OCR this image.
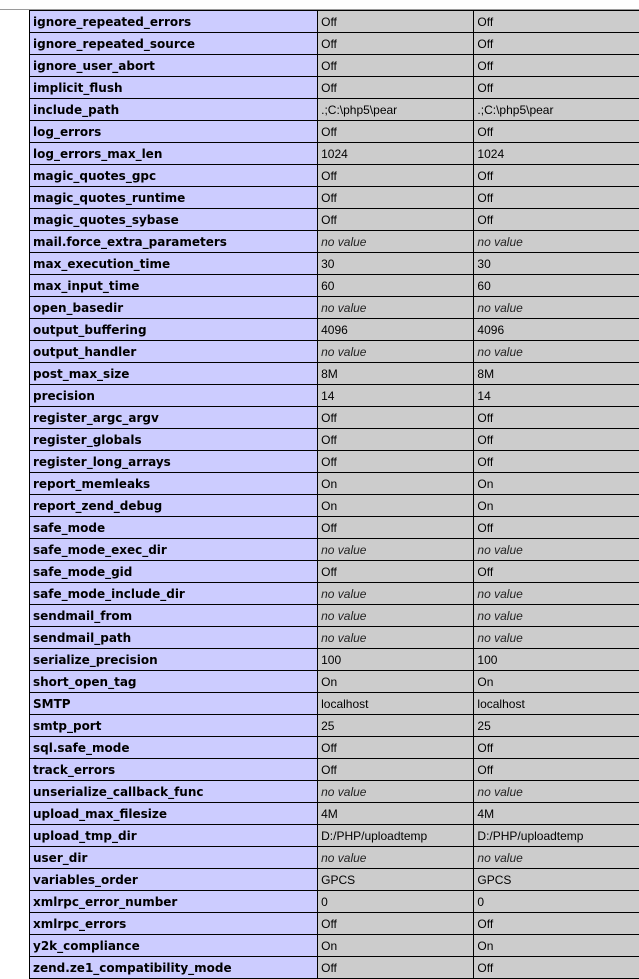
ignore_repeated_errors	Off	Off
ignore_repeated_source	Off	Off
ignore_user_abort	Off	Off
implicit_flush	Off	Off
include_path	.;C:\php5\pear	.;C:\php5\pear
log_errors	Off	Off
log_errors_max_len	1024	1024
magic_quotes_gpc	Off	Off
magic_quotes_runtime	Off	Off
magic_quotes_sybase	Off	Off
mail.force_extra_parameters	no value	no value
max_execution_time	30	30
max_input_time	60	60
open_basedir	no value	no value
output_buffering	4096	4096
output_handler	no value	no value
post_max_size	8M	8M
precision	14	14
register_argc_argv	Off	Off
register_globals	Off	Off
register_long_arrays	Off	Off
report_memleaks	On	On
report_zend_debug	On	On
safe_mode	Off	Off
safe_mode_exec_dir	no value	no value
safe_mode_gid	Off	Off
safe_mode_include_dir	no value	no value
sendmail_from	no value	no value
sendmail_path	no value	no value
serialize_precision	100	100
short_open_tag	On	On
SMTP	localhost	localhost
smtp_port	25	25
sql.safe_mode	Off	Off
track_errors	Off	Off
unserialize_callback_func	no value	no value
upload_max_filesize	4M	4M
upload_tmp_dir	D:/PHP/uploadtemp	D:/PHP/uploadtemp
user_dir	no value	no value
variables_order	GPCS	GPCS
xmlrpc_error_number	0	0
xmlrpc_errors	Off	Off
y2k_compliance	On	On
zend.ze1_compatibility_mode	Off	Off
